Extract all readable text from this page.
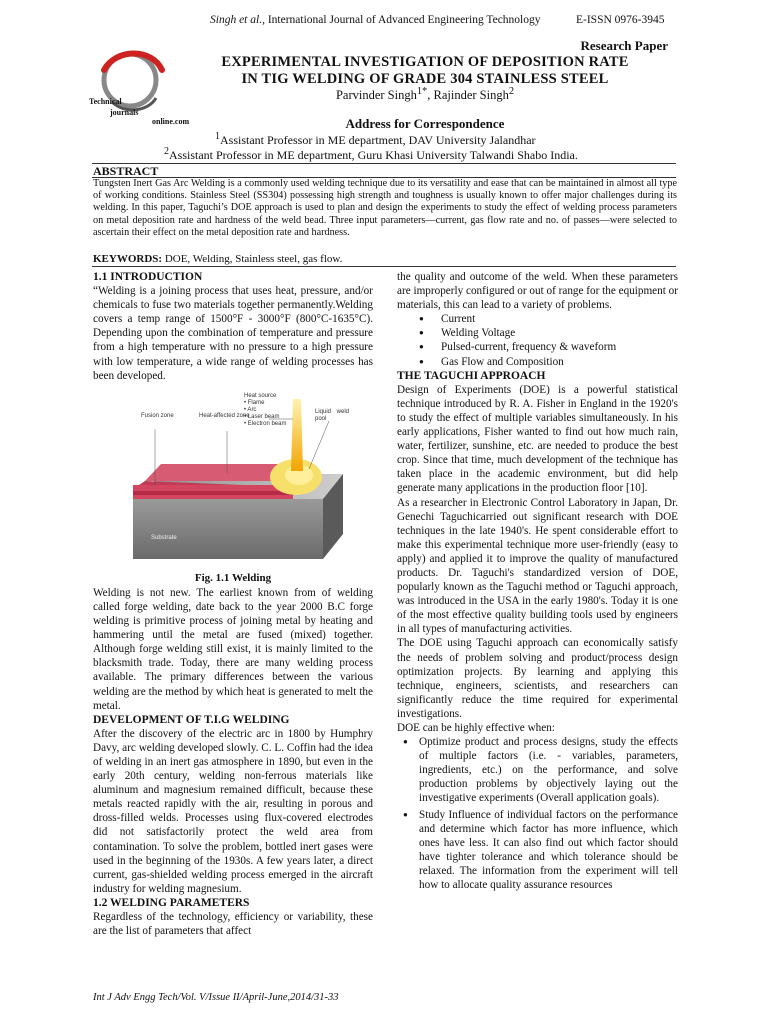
Singh et al., International Journal of Advanced Engineering Technology	E-ISSN 0976-3945
Technical
journals
online.com
Research Paper
EXPERIMENTAL INVESTIGATION OF DEPOSITION RATE
IN TIG WELDING OF GRADE 304 STAINLESS STEEL
Parvinder Singh$^{1*}$, Rajinder Singh$^2$
Address for Correspondence
$^1$Assistant Professor in ME department, DAV University Jalandhar
$^2$Assistant Professor in ME department, Guru Khasi University Talwandi Shabo India.
ABSTRACT
Tungsten Inert Gas Arc Welding is a commonly used welding technique due to its versatility and ease that can be maintained in almost all type of working conditions. Stainless Steel (SS304) possessing high strength and toughness is usually known to offer major challenges during its welding. In this paper, Taguchi’s DOE approach is used to plan and design the experiments to study the effect of welding process parameters on metal deposition rate and hardness of the weld bead. Three input parameters—current, gas flow rate and no. of passes—were selected to ascertain their effect on the metal deposition rate and hardness.
KEYWORDS: DOE, Welding, Stainless steel, gas flow.
1.1 INTRODUCTION
“Welding is a joining process that uses heat, pressure, and/or chemicals to fuse two materials together permanently.Welding covers a temp range of 1500°F - 3000°F (800°C-1635°C). Depending upon the combination of temperature and pressure from a high temperature with no pressure to a high pressure with low temperature, a wide range of welding processes has been developed.
Heat source
• Flame
• Arc
• Laser beam
• Electron beam
Fusion zone	Heat-affected zone
Liquid weld pool
Substrate
Fig. 1.1 Welding
Welding is not new. The earliest known from of welding called forge welding, date back to the year 2000 B.C forge welding is primitive process of joining metal by heating and hammering until the metal are fused (mixed) together. Although forge welding still exist, it is mainly limited to the blacksmith trade. Today, there are many welding process available. The primary differences between the various welding are the method by which heat is generated to melt the metal.
DEVELOPMENT OF T.I.G WELDING
After the discovery of the electric arc in 1800 by Humphry Davy, arc welding developed slowly. C. L. Coffin had the idea of welding in an inert gas atmosphere in 1890, but even in the early 20th century, welding non-ferrous materials like aluminum and magnesium remained difficult, because these metals reacted rapidly with the air, resulting in porous and dross-filled welds. Processes using flux-covered electrodes did not satisfactorily protect the weld area from contamination. To solve the problem, bottled inert gases were used in the beginning of the 1930s. A few years later, a direct current, gas-shielded welding process emerged in the aircraft industry for welding magnesium.
1.2 WELDING PARAMETERS
Regardless of the technology, efficiency or variability, these are the list of parameters that affect
the quality and outcome of the weld. When these parameters are improperly configured or out of range for the equipment or materials, this can lead to a variety of problems.
● Current
● Welding Voltage
● Pulsed-current, frequency & waveform
● Gas Flow and Composition
THE TAGUCHI APPROACH
Design of Experiments (DOE) is a powerful statistical technique introduced by R. A. Fisher in England in the 1920's to study the effect of multiple variables simultaneously. In his early applications, Fisher wanted to find out how much rain, water, fertilizer, sunshine, etc. are needed to produce the best crop. Since that time, much development of the technique has taken place in the academic environment, but did help generate many applications in the production floor [10].
As a researcher in Electronic Control Laboratory in Japan, Dr. Genechi Taguchicarried out significant research with DOE techniques in the late 1940's. He spent considerable effort to make this experimental technique more user-friendly (easy to apply) and applied it to improve the quality of manufactured products. Dr. Taguchi's standardized version of DOE, popularly known as the Taguchi method or Taguchi approach, was introduced in the USA in the early 1980's. Today it is one of the most effective quality building tools used by engineers in all types of manufacturing activities.
The DOE using Taguchi approach can economically satisfy the needs of problem solving and product/process design optimization projects. By learning and applying this technique, engineers, scientists, and researchers can significantly reduce the time required for experimental investigations.
DOE can be highly effective when:
● Optimize product and process designs, study the effects of multiple factors (i.e. - variables, parameters, ingredients, etc.) on the performance, and solve production problems by objectively laying out the investigative experiments (Overall application goals).
● Study Influence of individual factors on the performance and determine which factor has more influence, which ones have less. It can also find out which factor should have tighter tolerance and which tolerance should be relaxed. The information from the experiment will tell how to allocate quality assurance resources
Int J Adv Engg Tech/Vol. V/Issue II/April-June,2014/31-33
